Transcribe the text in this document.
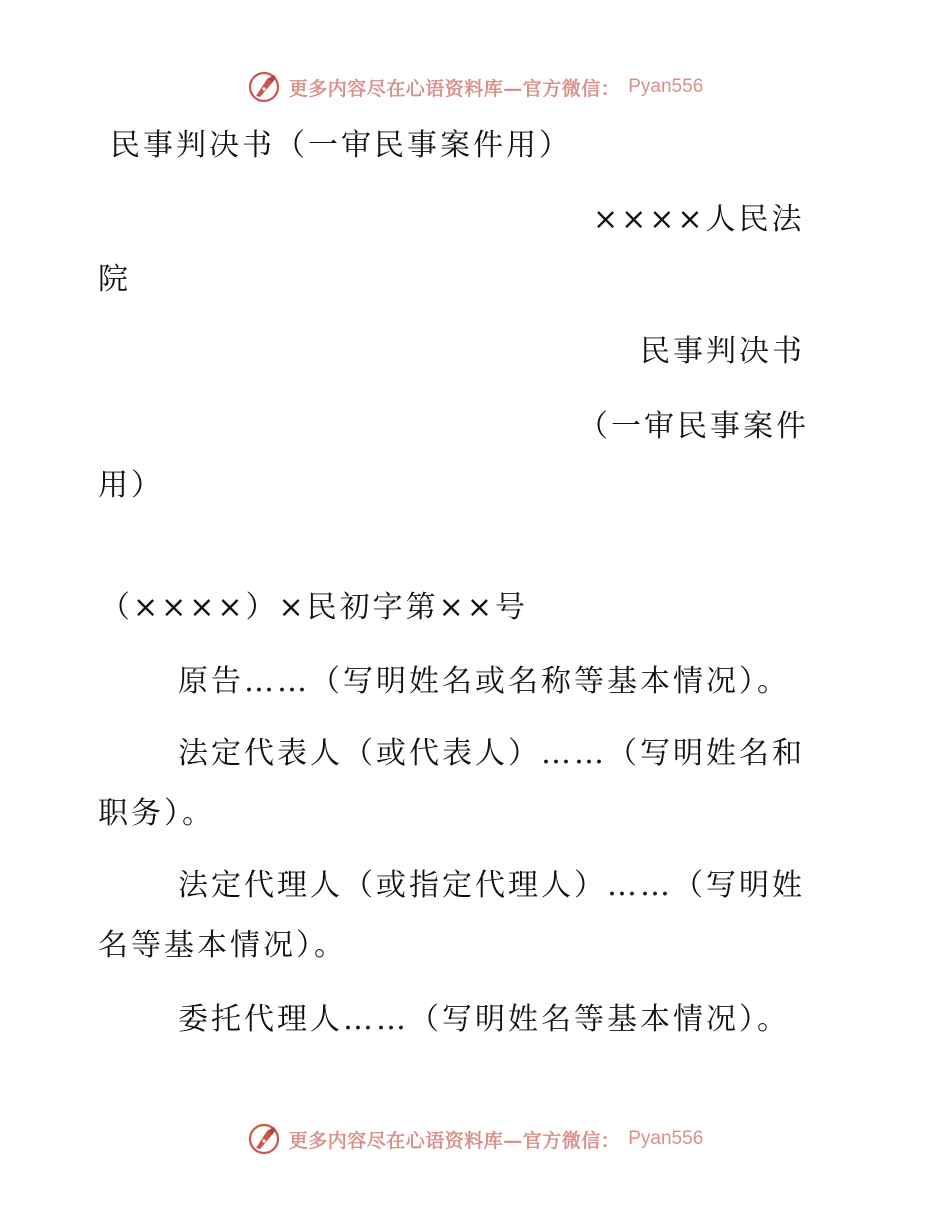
更多内容尽在心语资料库—官方微信： Pyan556
民事判决书（一审民事案件用）
××××人民法
院
民事判决书
（一审民事案件
用）
（××××）×民初字第××号
原告……（写明姓名或名称等基本情况）。
法定代表人（或代表人）……（写明姓名和
职务）。
法定代理人（或指定代理人）……（写明姓
名等基本情况）。
委托代理人……（写明姓名等基本情况）。
更多内容尽在心语资料库—官方微信： Pyan556
